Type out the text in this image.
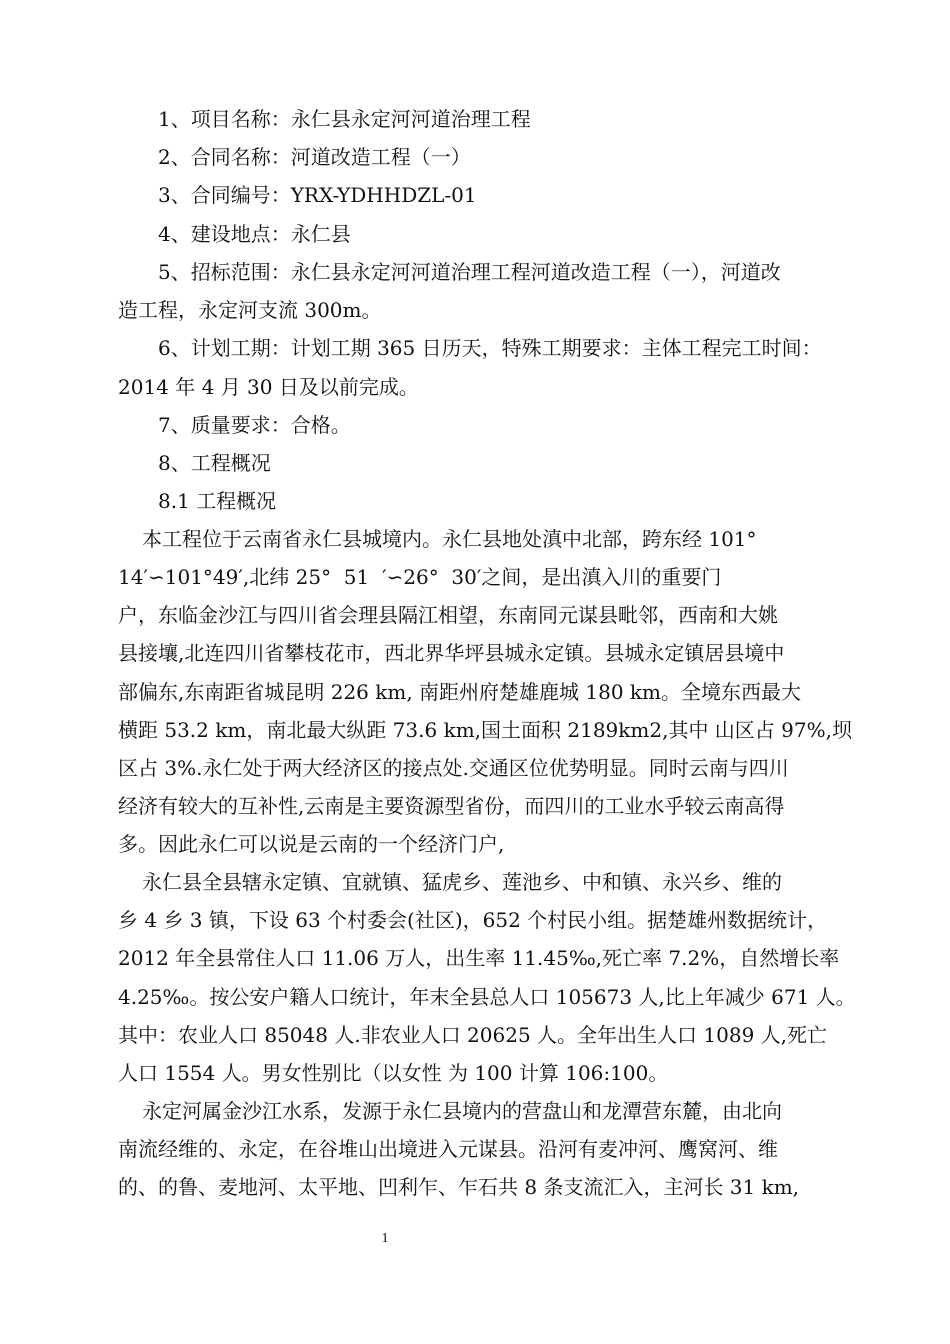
1、项目名称：永仁县永定河河道治理工程
2、合同名称：河道改造工程（一）
3、合同编号：YRX-YDHHDZL-01
4、建设地点：永仁县
5、招标范围：永仁县永定河河道治理工程河道改造工程（一），河道改
造工程，永定河支流 300m。
6、计划工期：计划工期 365 日历天，特殊工期要求：主体工程完工时间：
2014 年 4 月 30 日及以前完成。
7、质量要求：合格。
8、工程概况
8.1 工程概况
本工程位于云南省永仁县城境内。永仁县地处滇中北部，跨东经 101°
14′∽101°49′,北纬 25°  51  ′∽26°  30′之间，是出滇入川的重要门
户，东临金沙江与四川省会理县隔江相望，东南同元谋县毗邻，西南和大姚
县接壤,北连四川省攀枝花市，西北界华坪县城永定镇。县城永定镇居县境中
部偏东,东南距省城昆明 226 km, 南距州府楚雄鹿城 180 km。全境东西最大
横距 53.2 km，南北最大纵距 73.6 km,国土面积 2189km2,其中 山区占 97%,坝
区占 3%.永仁处于两大经济区的接点处.交通区位优势明显。同时云南与四川
经济有较大的互补性,云南是主要资源型省份，而四川的工业水乎较云南高得
多。因此永仁可以说是云南的一个经济门户,
永仁县全县辖永定镇、宜就镇、猛虎乡、莲池乡、中和镇、永兴乡、维的
乡 4 乡 3 镇，下设 63 个村委会(社区)，652 个村民小组。据楚雄州数据统计，
2012 年全县常住人口 11.06 万人，出生率 11.45‰,死亡率 7.2%，自然增长率
4.25‰。按公安户籍人口统计，年末全县总人口 105673 人,比上年减少 671 人。
其中：农业人口 85048 人.非农业人口 20625 人。全年出生人口 1089 人,死亡
人口 1554 人。男女性别比（以女性 为 100 计算 106:100。
永定河属金沙江水系，发源于永仁县境内的营盘山和龙潭营东麓，由北向
南流经维的、永定，在谷堆山出境进入元谋县。沿河有麦冲河、鹰窝河、维
的、的鲁、麦地河、太平地、凹利乍、乍石共 8 条支流汇入，主河长 31 km,
1
